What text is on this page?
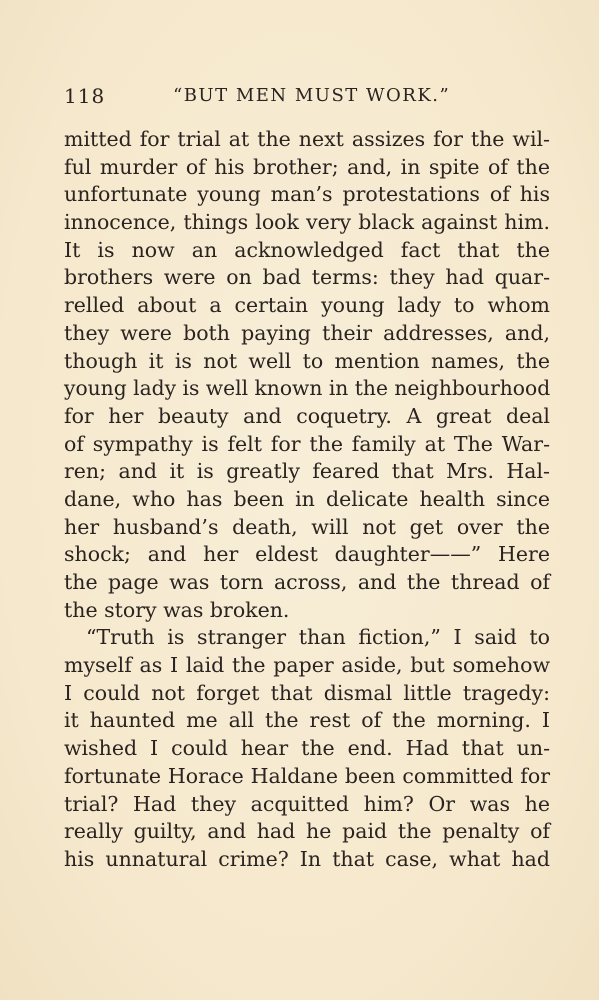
118	“BUT MEN MUST WORK.”
mitted for trial at the next assizes for the wil-
ful murder of his brother; and, in spite of the
unfortunate young man’s protestations of his
innocence, things look very black against him.
It is now an acknowledged fact that the
brothers were on bad terms: they had quar-
relled about a certain young lady to whom
they were both paying their addresses, and,
though it is not well to mention names, the
young lady is well known in the neighbourhood
for her beauty and coquetry. A great deal
of sympathy is felt for the family at The War-
ren; and it is greatly feared that Mrs. Hal-
dane, who has been in delicate health since
her husband’s death, will not get over the
shock; and her eldest daughter——” Here
the page was torn across, and the thread of
the story was broken.
“Truth is stranger than fiction,” I said to
myself as I laid the paper aside, but somehow
I could not forget that dismal little tragedy:
it haunted me all the rest of the morning. I
wished I could hear the end. Had that un-
fortunate Horace Haldane been committed for
trial? Had they acquitted him? Or was he
really guilty, and had he paid the penalty of
his unnatural crime? In that case, what had
